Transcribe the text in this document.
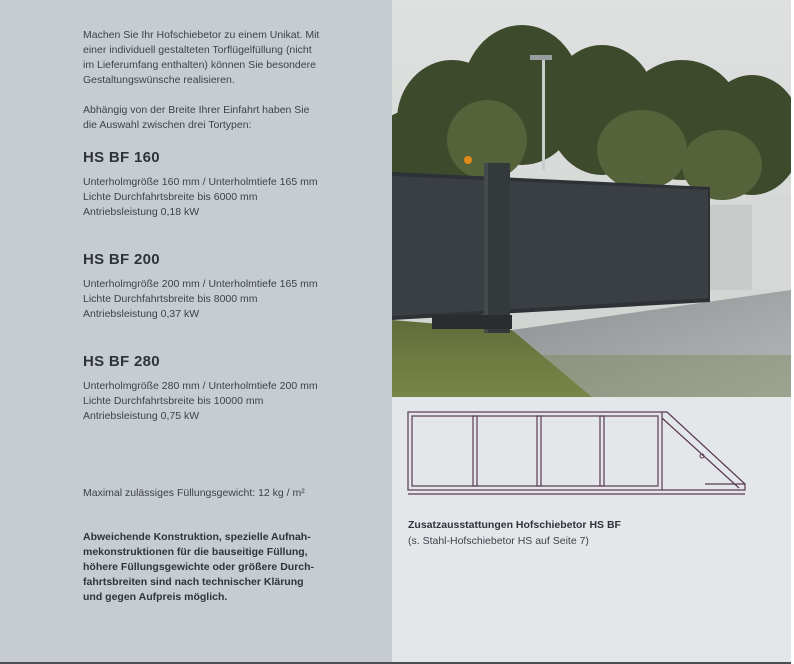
Machen Sie Ihr Hofschiebetor zu einem Unikat. Mit
einer individuell gestalteten Torflügelfüllung (nicht
im Lieferumfang enthalten) können Sie besondere
Gestaltungswünsche realisieren.

Abhängig von der Breite Ihrer Einfahrt haben Sie
die Auswahl zwischen drei Tortypen:

HS BF 160

Unterholmgröße 160 mm / Unterholmtiefe 165 mm
Lichte Durchfahrtsbreite bis 6000 mm
Antriebsleistung 0,18 kW

HS BF 200

Unterholmgröße 200 mm / Unterholmtiefe 165 mm
Lichte Durchfahrtsbreite bis 8000 mm
Antriebsleistung 0,37 kW

HS BF 280

Unterholmgröße 280 mm / Unterholmtiefe 200 mm
Lichte Durchfahrtsbreite bis 10000 mm
Antriebsleistung 0,75 kW

Maximal zulässiges Füllungsgewicht: 12 kg / m²

Abweichende Konstruktion, spezielle Aufnah-
mekonstruktionen für die bauseitige Füllung,
höhere Füllungsgewichte oder größere Durch-
fahrtsbreiten sind nach technischer Klärung
und gegen Aufpreis möglich.

Zusatzausstattungen Hofschiebetor HS BF

(s. Stahl-Hofschiebetor HS auf Seite 7)
